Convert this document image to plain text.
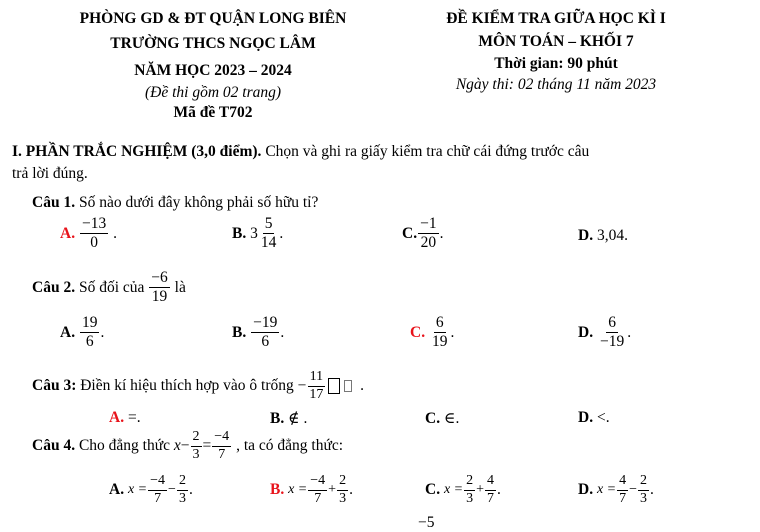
PHÒNG GD & ĐT QUẬN LONG BIÊN
TRƯỜNG THCS NGỌC LÂM
NĂM HỌC 2023 – 2024
(Đề thi gồm 02 trang)
Mã đề T702
ĐỀ KIỂM TRA GIỮA HỌC KÌ I
MÔN TOÁN – KHỐI 7
Thời gian: 90 phút
Ngày thi: 02 tháng 11 năm 2023
I. PHẦN TRẮC NGHIỆM (3,0 điểm). Chọn và ghi ra giấy kiểm tra chữ cái đứng trước câu
trả lời đúng.
Câu 1. Số nào dưới đây không phải số hữu tỉ?
A.
$\frac{-13}{0}$ .	B.
$3 \frac{5}{14}$ .	C. $\frac{-1}{20}$ .	D. 3,04.
Câu 2. Số đối của $\frac{-6}{19}$ là
A.
$\frac{19}{6}$ .	B.
$\frac{-19}{6}$ .	C.
$\frac{6}{19}$ .	D.
$\frac{6}{-19}$ .
Câu 3: Điền kí hiệu thích hợp vào ô trống − $\frac{11}{17}$ .
A. =.	B. ∉ .	C. ∈.	D. <.
Câu 4. Cho đẳng thức $x - \frac{2}{3} = \frac{-4}{7}$ , ta có đẳng thức:
A.
$x = \frac{-4}{7} - \frac{2}{3}$ .	B.
$x = \frac{-4}{7} + \frac{2}{3}$ .	C.
$x = \frac{2}{3} + \frac{4}{7}$ .	D.
$x = \frac{4}{7} - \frac{2}{3}$ .
−5
